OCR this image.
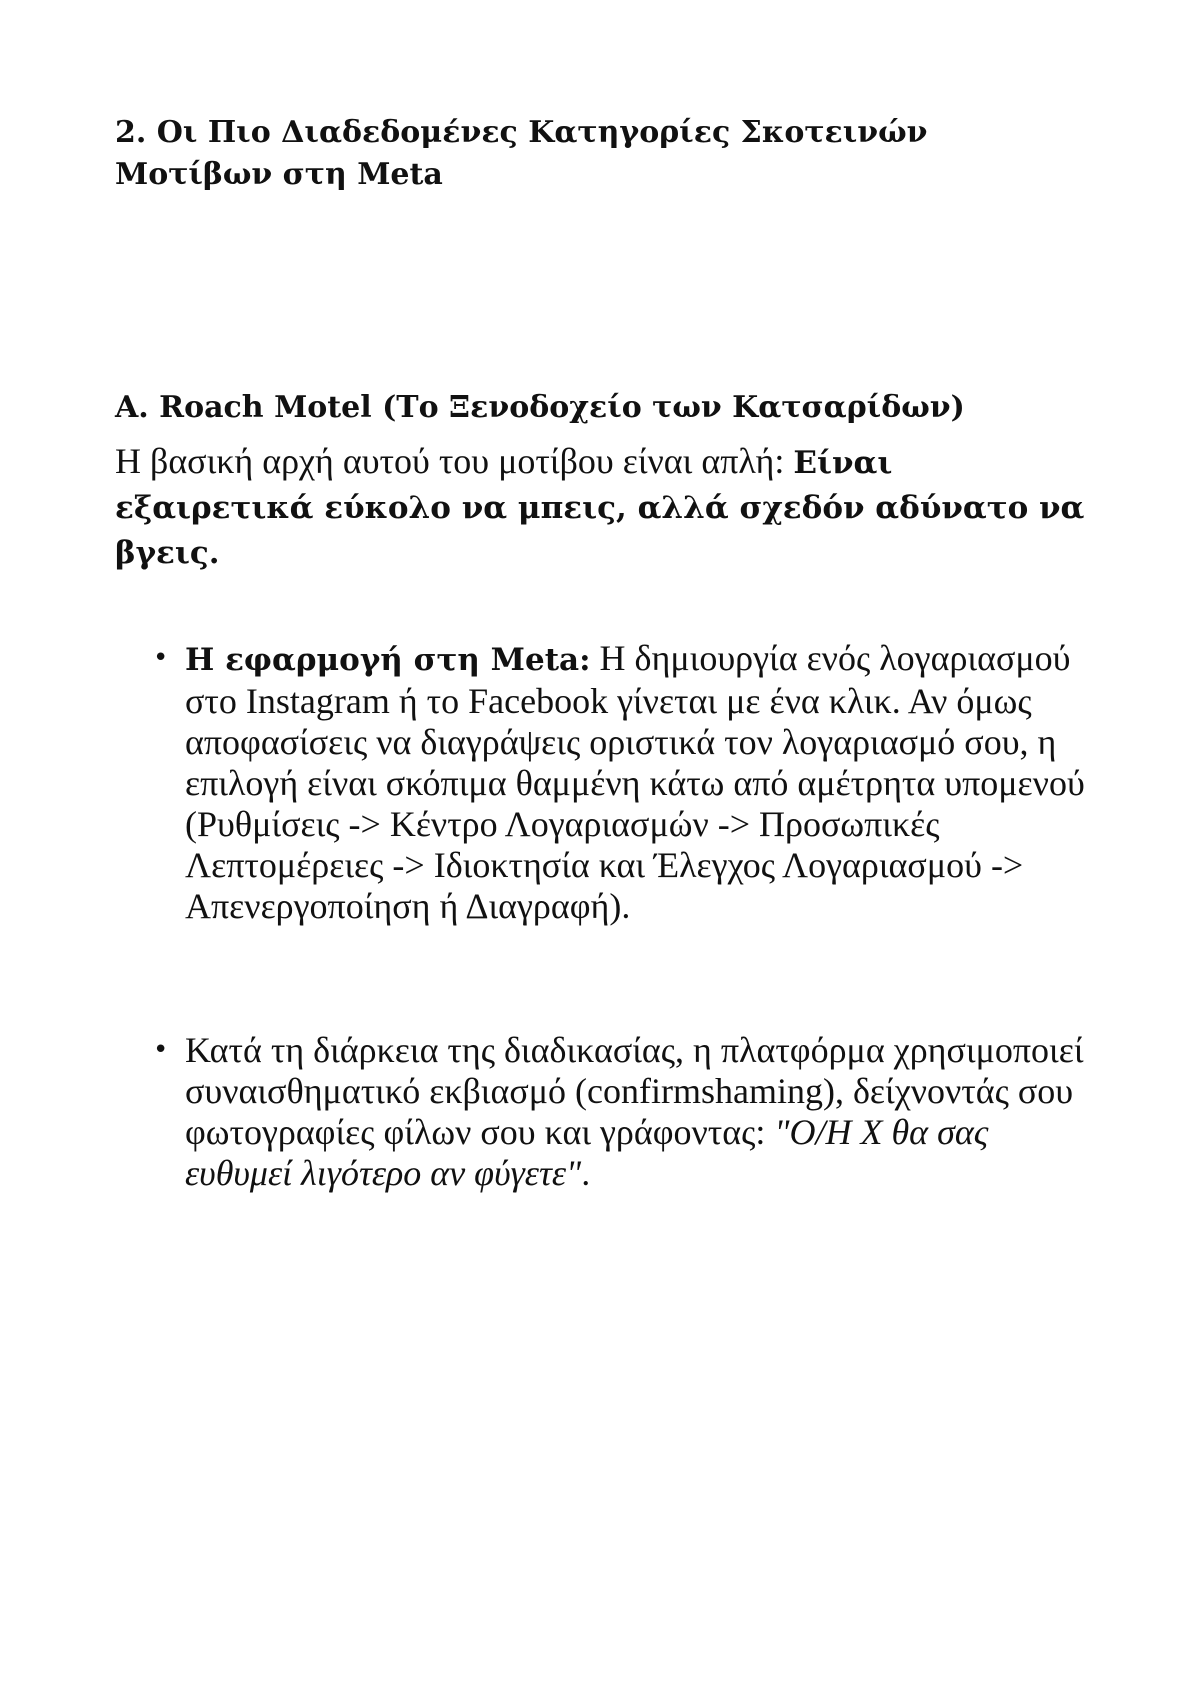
2. Οι Πιο Διαδεδομένες Κατηγορίες Σκοτεινών Μοτίβων στη Meta
A. Roach Motel (Το Ξενοδοχείο των Κατσαρίδων)

Η βασική αρχή αυτού του μοτίβου είναι απλή: Είναι εξαιρετικά εύκολο να μπεις, αλλά σχεδόν αδύνατο να βγεις.

• Η εφαρμογή στη Meta: Η δημιουργία ενός λογαριασμού στο Instagram ή το Facebook γίνεται με ένα κλικ. Αν όμως αποφασίσεις να διαγράψεις οριστικά τον λογαριασμό σου, η επιλογή είναι σκόπιμα θαμμένη κάτω από αμέτρητα υπομενού (Ρυθμίσεις -> Κέντρο Λογαριασμών -> Προσωπικές Λεπτομέρειες -> Ιδιοκτησία και Έλεγχος Λογαριασμού -> Απενεργοποίηση ή Διαγραφή).
• Κατά τη διάρκεια της διαδικασίας, η πλατφόρμα χρησιμοποιεί συναισθηματικό εκβιασμό (confirmshaming), δείχνοντάς σου φωτογραφίες φίλων σου και γράφοντας: "Ο/Η Χ θα σας ευθυμεί λιγότερο αν φύγετε".
